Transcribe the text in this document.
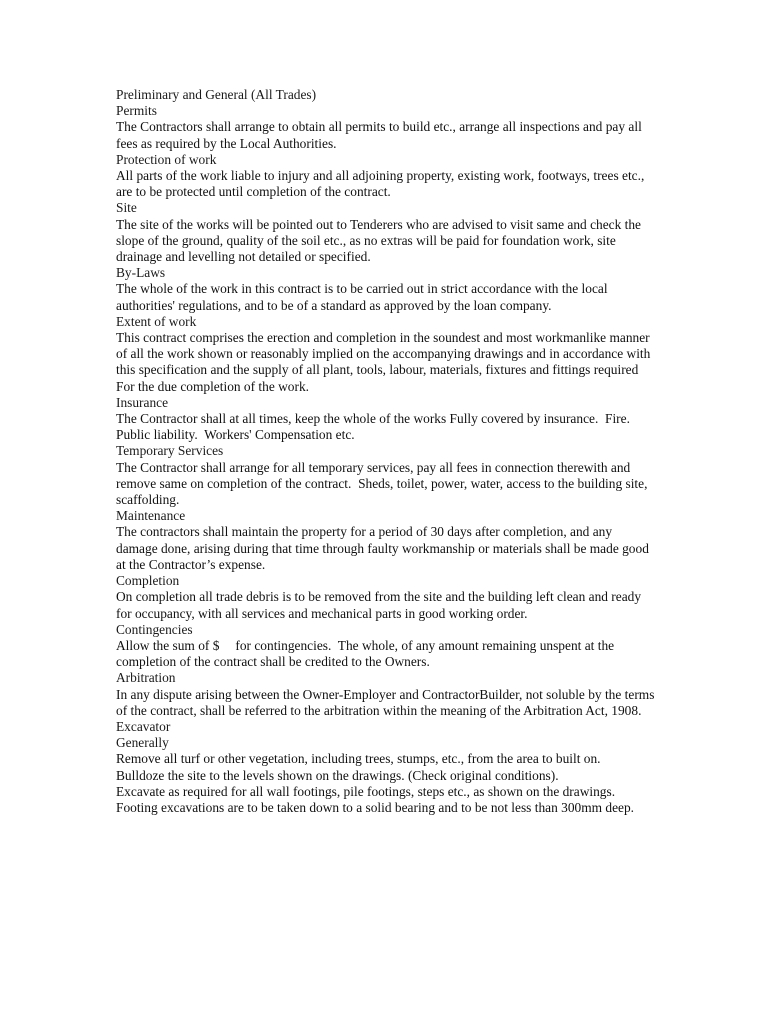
Preliminary and General (All Trades)

Permits

The Contractors shall arrange to obtain all permits to build etc., arrange all inspections and pay all fees as required by the Local Authorities.

Protection of work

All parts of the work liable to injury and all adjoining property, existing work, footways, trees etc., are to be protected until completion of the contract.

Site

The site of the works will be pointed out to Tenderers who are advised to visit same and check the slope of the ground, quality of the soil etc., as no extras will be paid for foundation work, site drainage and levelling not detailed or specified.

By-Laws

The whole of the work in this contract is to be carried out in strict accordance with the local authorities' regulations, and to be of a standard as approved by the loan company.

Extent of work

This contract comprises the erection and completion in the soundest and most workmanlike manner of all the work shown or reasonably implied on the accompanying drawings and in accordance with this specification and the supply of all plant, tools, labour, materials, fixtures and fittings required For the due completion of the work.

Insurance

The Contractor shall at all times, keep the whole of the works Fully covered by insurance.  Fire.  Public liability.  Workers' Compensation etc.

Temporary Services

The Contractor shall arrange for all temporary services, pay all fees in connection therewith and remove same on completion of the contract.  Sheds, toilet, power, water, access to the building site, scaffolding.

Maintenance

The contractors shall maintain the property for a period of 30 days after completion, and any damage done, arising during that time through faulty workmanship or materials shall be made good at the Contractor’s expense.

Completion

On completion all trade debris is to be removed from the site and the building left clean and ready for occupancy, with all services and mechanical parts in good working order.

Contingencies

Allow the sum of $ for contingencies.  The whole, of any amount remaining unspent at the completion of the contract shall be credited to the Owners.

Arbitration

In any dispute arising between the Owner-Employer and ContractorBuilder, not soluble by the terms of the contract, shall be referred to the arbitration within the meaning of the Arbitration Act, 1908.

Excavator

Generally

Remove all turf or other vegetation, including trees, stumps, etc., from the area to built on.

Bulldoze the site to the levels shown on the drawings. (Check original conditions).

Excavate as required for all wall footings, pile footings, steps etc., as shown on the drawings.

Footing excavations are to be taken down to a solid bearing and to be not less than 300mm deep.
